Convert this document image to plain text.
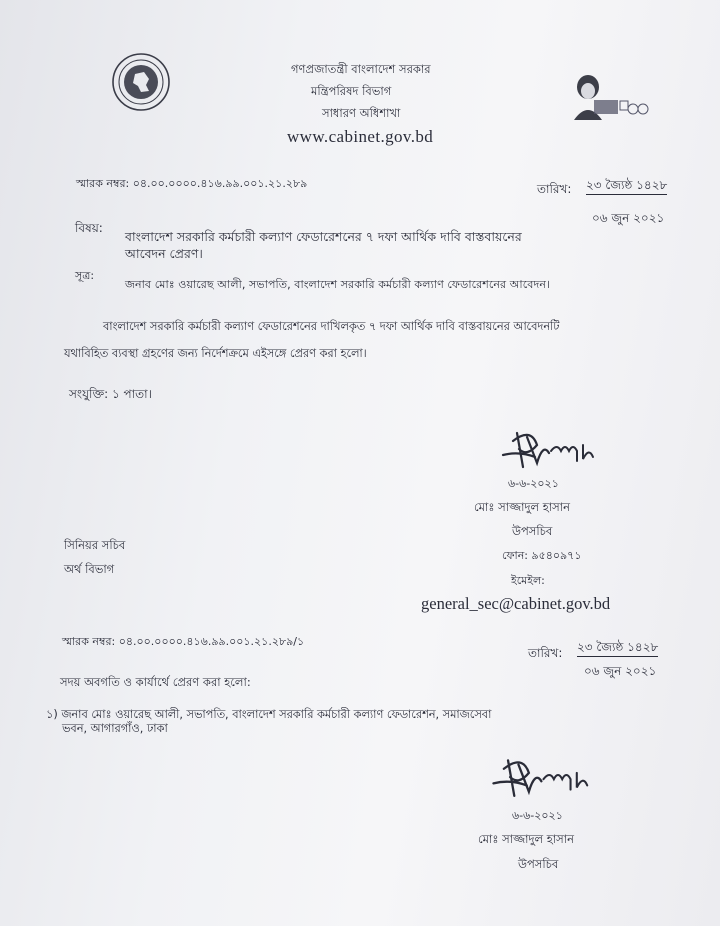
গণপ্রজাতন্ত্রী বাংলাদেশ সরকার
মন্ত্রিপরিষদ বিভাগ
সাধারণ অধিশাখা
www.cabinet.gov.bd
স্মারক নম্বর: ০৪.০০.০০০০.৪১৬.৯৯.০০১.২১.২৮৯	তারিখ: ২৩ জ্যৈষ্ঠ ১৪২৮
০৬ জুন ২০২১
বিষয়:
বাংলাদেশ সরকারি কর্মচারী কল্যাণ ফেডারেশনের ৭ দফা আর্থিক দাবি বাস্তবায়নের
আবেদন প্রেরণ।
সূত্র:
জনাব মোঃ ওয়ারেছ আলী, সভাপতি, বাংলাদেশ সরকারি কর্মচারী কল্যাণ ফেডারেশনের আবেদন।
বাংলাদেশ সরকারি কর্মচারী কল্যাণ ফেডারেশনের দাখিলকৃত ৭ দফা আর্থিক দাবি বাস্তবায়নের আবেদনটি
যথাবিহিত ব্যবস্থা গ্রহণের জন্য নির্দেশক্রমে এইসঙ্গে প্রেরণ করা হলো।
সংযুক্তি: ১ পাতা।
৬-৬-২০২১
মোঃ সাজ্জাদুল হাসান
উপসচিব
ফোন: ৯৫৪০৯৭১
ইমেইল:
general_sec@cabinet.gov.bd
সিনিয়র সচিব
অর্থ বিভাগ
স্মারক নম্বর: ০৪.০০.০০০০.৪১৬.৯৯.০০১.২১.২৮৯/১
তারিখ: ২৩ জ্যৈষ্ঠ ১৪২৮
০৬ জুন ২০২১
সদয় অবগতি ও কার্যার্থে প্রেরণ করা হলো:
১) জনাব মোঃ ওয়ারেছ আলী, সভাপতি, বাংলাদেশ সরকারি কর্মচারী কল্যাণ ফেডারেশন, সমাজসেবা
ভবন, আগারগাঁও, ঢাকা
৬-৬-২০২১
মোঃ সাজ্জাদুল হাসান
উপসচিব
